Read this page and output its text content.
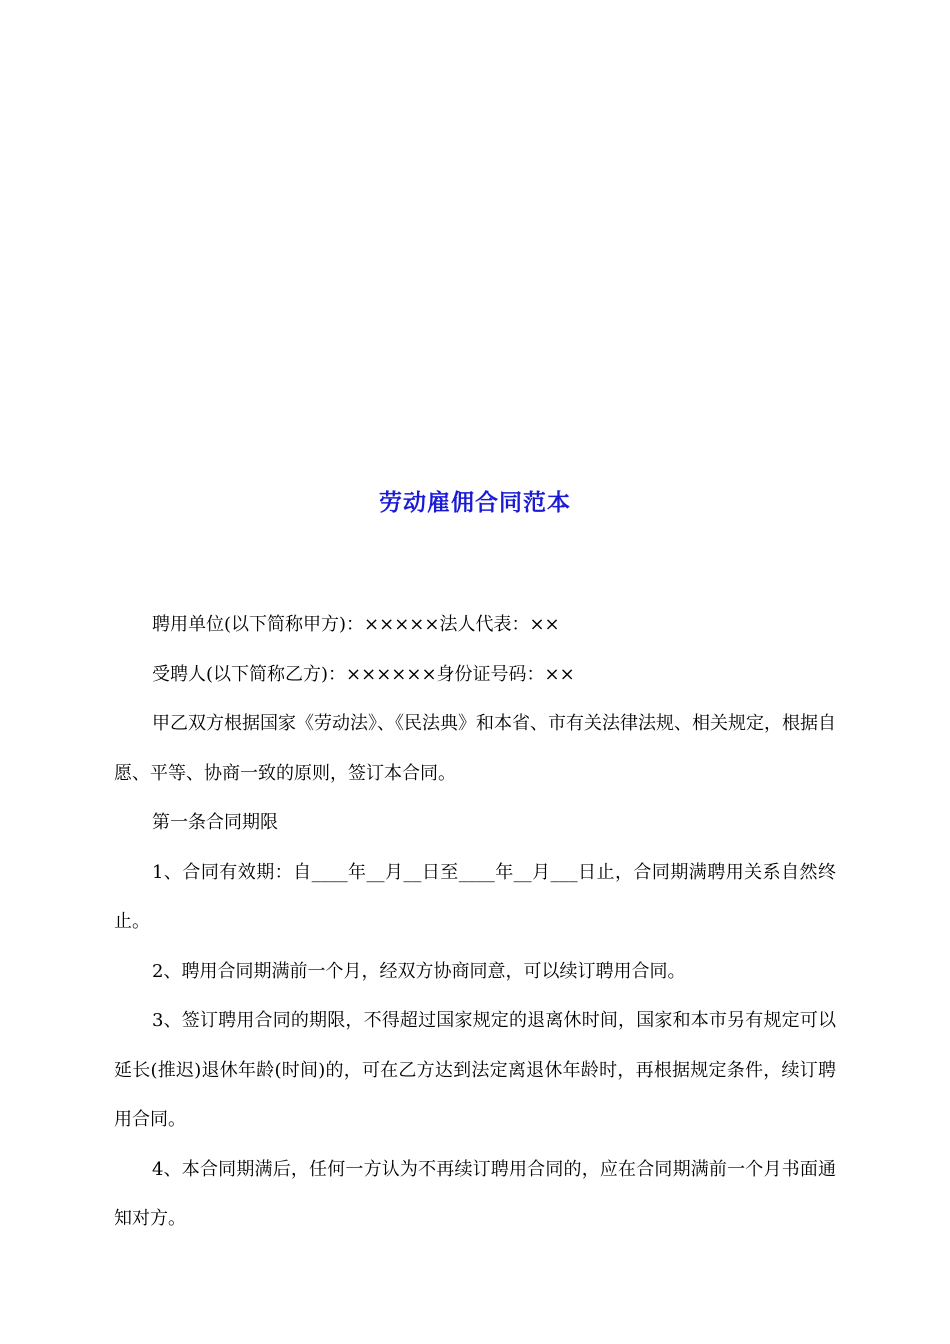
劳动雇佣合同范本

聘用单位(以下简称甲方)：×××××法人代表：××

受聘人(以下简称乙方)：××××××身份证号码：××

甲乙双方根据国家《劳动法》、《民法典》和本省、市有关法律法规、相关规定，根据自愿、平等、协商一致的原则，签订本合同。

第一条合同期限

1、合同有效期：自____年__月__日至____年__月___日止，合同期满聘用关系自然终止。

2、聘用合同期满前一个月，经双方协商同意，可以续订聘用合同。

3、签订聘用合同的期限，不得超过国家规定的退离休时间，国家和本市另有规定可以延长(推迟)退休年龄(时间)的，可在乙方达到法定离退休年龄时，再根据规定条件，续订聘用合同。

4、本合同期满后，任何一方认为不再续订聘用合同的，应在合同期满前一个月书面通知对方。
